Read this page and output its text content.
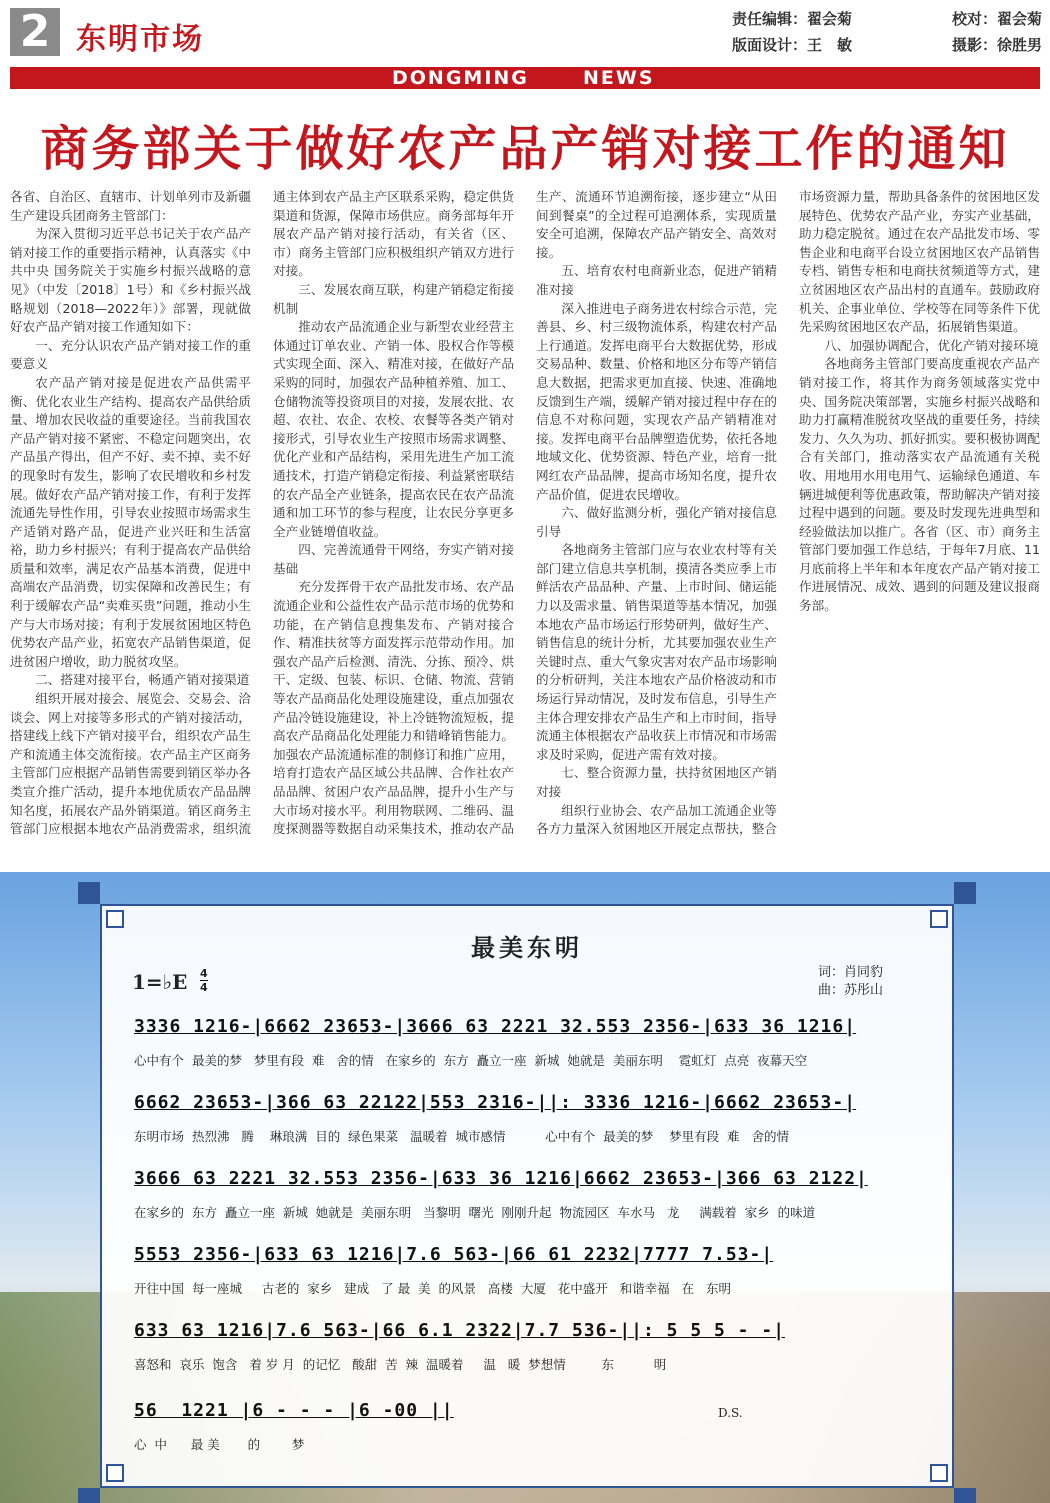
2 东明市场
责任编辑：翟会菊	校对：翟会菊
版面设计：王　敏	摄影：徐胜男
DONGMING	NEWS
商务部关于做好农产品产销对接工作的通知

各省、自治区、直辖市、计划单列市及新疆生产建设兵团商务主管部门：

为深入贯彻习近平总书记关于农产品产销对接工作的重要指示精神，认真落实《中共中央 国务院关于实施乡村振兴战略的意见》（中发〔2018〕1号）和《乡村振兴战略规划（2018—2022年）》部署，现就做好农产品产销对接工作通知如下：

一、充分认识农产品产销对接工作的重要意义

农产品产销对接是促进农产品供需平衡、优化农业生产结构、提高农产品供给质量、增加农民收益的重要途径。当前我国农产品产销对接不紧密、不稳定问题突出，农产品虽产得出，但产不好、卖不掉、卖不好的现象时有发生，影响了农民增收和乡村发展。做好农产品产销对接工作，有利于发挥流通先导性作用，引导农业按照市场需求生产适销对路产品，促进产业兴旺和生活富裕，助力乡村振兴；有利于提高农产品供给质量和效率，满足农产品基本消费，促进中高端农产品消费，切实保障和改善民生；有利于缓解农产品“卖难买贵”问题，推动小生产与大市场对接；有利于发展贫困地区特色优势农产品产业，拓宽农产品销售渠道，促进贫困户增收，助力脱贫攻坚。

二、搭建对接平台，畅通产销对接渠道

组织开展对接会、展览会、交易会、洽谈会、网上对接等多形式的产销对接活动，搭建线上线下产销对接平台，组织农产品生产和流通主体交流衔接。农产品主产区商务主管部门应根据产品销售需要到销区举办各类宣介推广活动，提升本地优质农产品品牌知名度，拓展农产品外销渠道。销区商务主管部门应根据本地农产品消费需求，组织流通主体到农产品主产区联系采购，稳定供货渠道和货源，保障市场供应。商务部每年开展农产品产销对接行活动，有关省（区、市）商务主管部门应积极组织产销双方进行对接。

三、发展农商互联，构建产销稳定衔接机制

推动农产品流通企业与新型农业经营主体通过订单农业、产销一体、股权合作等模式实现全面、深入、精准对接，在做好产品采购的同时，加强农产品种植养殖、加工、仓储物流等投资项目的对接，发展农批、农超、农社、农企、农校、农餐等各类产销对接形式，引导农业生产按照市场需求调整、优化产业和产品结构，采用先进生产加工流通技术，打造产销稳定衔接、利益紧密联结的农产品全产业链条，提高农民在农产品流通和加工环节的参与程度，让农民分享更多全产业链增值收益。

四、完善流通骨干网络，夯实产销对接基础

充分发挥骨干农产品批发市场、农产品流通企业和公益性农产品示范市场的优势和功能，在产销信息搜集发布、产销对接合作、精准扶贫等方面发挥示范带动作用。加强农产品产后检测、清洗、分拣、预冷、烘干、定级、包装、标识、仓储、物流、营销等农产品商品化处理设施建设，重点加强农产品冷链设施建设，补上冷链物流短板，提高农产品商品化处理能力和错峰销售能力。加强农产品流通标准的制修订和推广应用，培育打造农产品区域公共品牌、合作社农产品品牌、贫困户农产品品牌，提升小生产与大市场对接水平。利用物联网、二维码、温度探测器等数据自动采集技术，推动农产品生产、流通环节追溯衔接，逐步建立“从田间到餐桌”的全过程可追溯体系，实现质量安全可追溯，保障农产品产销安全、高效对接。

五、培育农村电商新业态，促进产销精准对接

深入推进电子商务进农村综合示范，完善县、乡、村三级物流体系，构建农村产品上行通道。发挥电商平台大数据优势，形成交易品种、数量、价格和地区分布等产销信息大数据，把需求更加直接、快速、准确地反馈到生产端，缓解产销对接过程中存在的信息不对称问题，实现农产品产销精准对接。发挥电商平台品牌塑造优势，依托各地地域文化、优势资源、特色产业，培育一批网红农产品品牌，提高市场知名度，提升农产品价值，促进农民增收。

六、做好监测分析，强化产销对接信息引导

各地商务主管部门应与农业农村等有关部门建立信息共享机制，摸清各类应季上市鲜活农产品品种、产量、上市时间、储运能力以及需求量、销售渠道等基本情况，加强本地农产品市场运行形势研判，做好生产、销售信息的统计分析，尤其要加强农业生产关键时点、重大气象灾害对农产品市场影响的分析研判，关注本地农产品价格波动和市场运行异动情况，及时发布信息，引导生产主体合理安排农产品生产和上市时间，指导流通主体根据农产品收获上市情况和市场需求及时采购，促进产需有效对接。

七、整合资源力量，扶持贫困地区产销对接

组织行业协会、农产品加工流通企业等各方力量深入贫困地区开展定点帮扶，整合市场资源力量，帮助具备条件的贫困地区发展特色、优势农产品产业，夯实产业基础，助力稳定脱贫。通过在农产品批发市场、零售企业和电商平台设立贫困地区农产品销售专档、销售专柜和电商扶贫频道等方式，建立贫困地区农产品出村的直通车。鼓励政府机关、企事业单位、学校等在同等条件下优先采购贫困地区农产品，拓展销售渠道。

八、加强协调配合，优化产销对接环境

各地商务主管部门要高度重视农产品产销对接工作，将其作为商务领域落实党中央、国务院决策部署，实施乡村振兴战略和助力打赢精准脱贫攻坚战的重要任务，持续发力、久久为功、抓好抓实。要积极协调配合有关部门，推动落实农产品流通有关税收、用地用水用电用气、运输绿色通道、车辆进城便利等优惠政策，帮助解决产销对接过程中遇到的问题。要及时发现先进典型和经验做法加以推广。各省（区、市）商务主管部门要加强工作总结，于每年7月底、11月底前将上半年和本年度农产品产销对接工作进展情况、成效、遇到的问题及建议报商务部。

最美东明
1=♭E 4
4
词：肖同豹
曲：苏彤山
3336 1216-|6662 23653-|3666 63 2221 32.553 2356-|633 36 1216|
心中有个  最美的梦   梦里有段  难   舍的情   在家乡的  东方  矗立一座  新城  她就是  美丽东明    霓虹灯  点亮  夜幕天空
6662 23653-|366 63 22122|553 2316-||: 3336 1216-|6662 23653-|
东明市场  热烈沸   腾    琳琅满  目的  绿色果菜   温暖着  城市感情          心中有个  最美的梦    梦里有段  难   舍的情
3666 63 2221 32.553 2356-|633 36 1216|6662 23653-|366 63 2122|
在家乡的  东方  矗立一座  新城  她就是  美丽东明   当黎明  曙光  刚刚升起  物流园区  车水马   龙     满载着  家乡  的味道
5553 2356-|633 63 1216|7.6 563-|66 61 2232|7777 7.53-|
开往中国  每一座城     古老的  家乡   建成   了 最  美  的风景   高楼  大厦   花中盛开   和谐幸福   在   东明
633 63 1216|7.6 563-|66 6.1 2322|7.7 536-||: 5 5 5 - -|
喜怒和  哀乐  饱含   着 岁 月  的记忆   酸甜  苦  辣  温暖着     温   暖  梦想情         东          明
D.S.
56  1221 |6 - - - |6 -00 ||
心  中      最 美       的        梦
